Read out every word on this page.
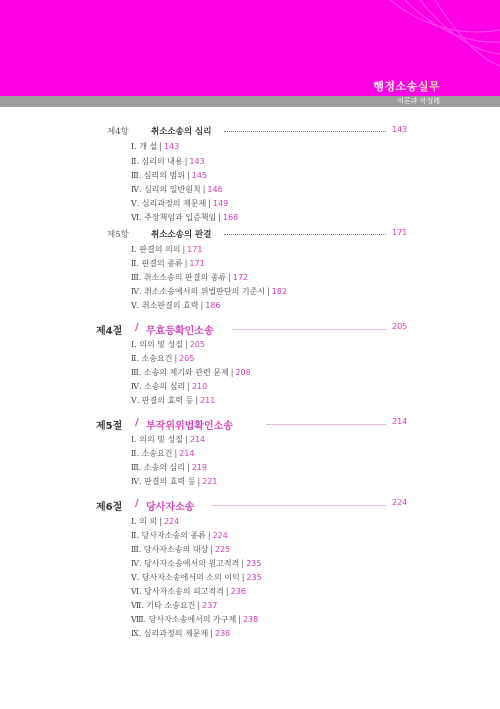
행정소송실무
이론과 작성례
제4항	취소소송의 심리	143
Ⅰ. 개 설 | 143
Ⅱ. 심리의 내용 | 143
Ⅲ. 심리의 범위 | 145
Ⅳ. 심리의 일반원칙 | 146
Ⅴ. 심리과정의 제문제 | 149
Ⅵ. 주장책임과 입증책임 | 168
제5항	취소소송의 판결	171
Ⅰ. 판결의 의의 | 171
Ⅱ. 판결의 종류 | 171
Ⅲ. 취소소송의 판결의 종류 | 172
Ⅳ. 취소소송에서의 위법판단의 기준시 | 182
Ⅴ. 취소판결의 효력 | 186
제4절 / 무효등확인소송	205
Ⅰ. 의의 및 성질 | 205
Ⅱ. 소송요건 | 205
Ⅲ. 소송의 제기와 관련 문제 | 208
Ⅳ. 소송의 심리 | 210
Ⅴ. 판결의 효력 등 | 211
제5절 / 부작위위법확인소송	214
Ⅰ. 의의 및 성질 | 214
Ⅱ. 소송요건 | 214
Ⅲ. 소송의 심리 | 219
Ⅳ. 판결의 효력 등 | 221
제6절 / 당사자소송	224
Ⅰ. 의 의 | 224
Ⅱ. 당사자소송의 종류 | 224
Ⅲ. 당사자소송의 대상 | 225
Ⅳ. 당사자소송에서의 원고적격 | 235
Ⅴ. 당사자소송에서의 소의 이익 | 235
Ⅵ. 당사자소송의 피고적격 | 236
Ⅶ. 기타 소송요건 | 237
Ⅷ. 당사자소송에서의 가구제 | 238
Ⅸ. 심리과정의 제문제 | 238
